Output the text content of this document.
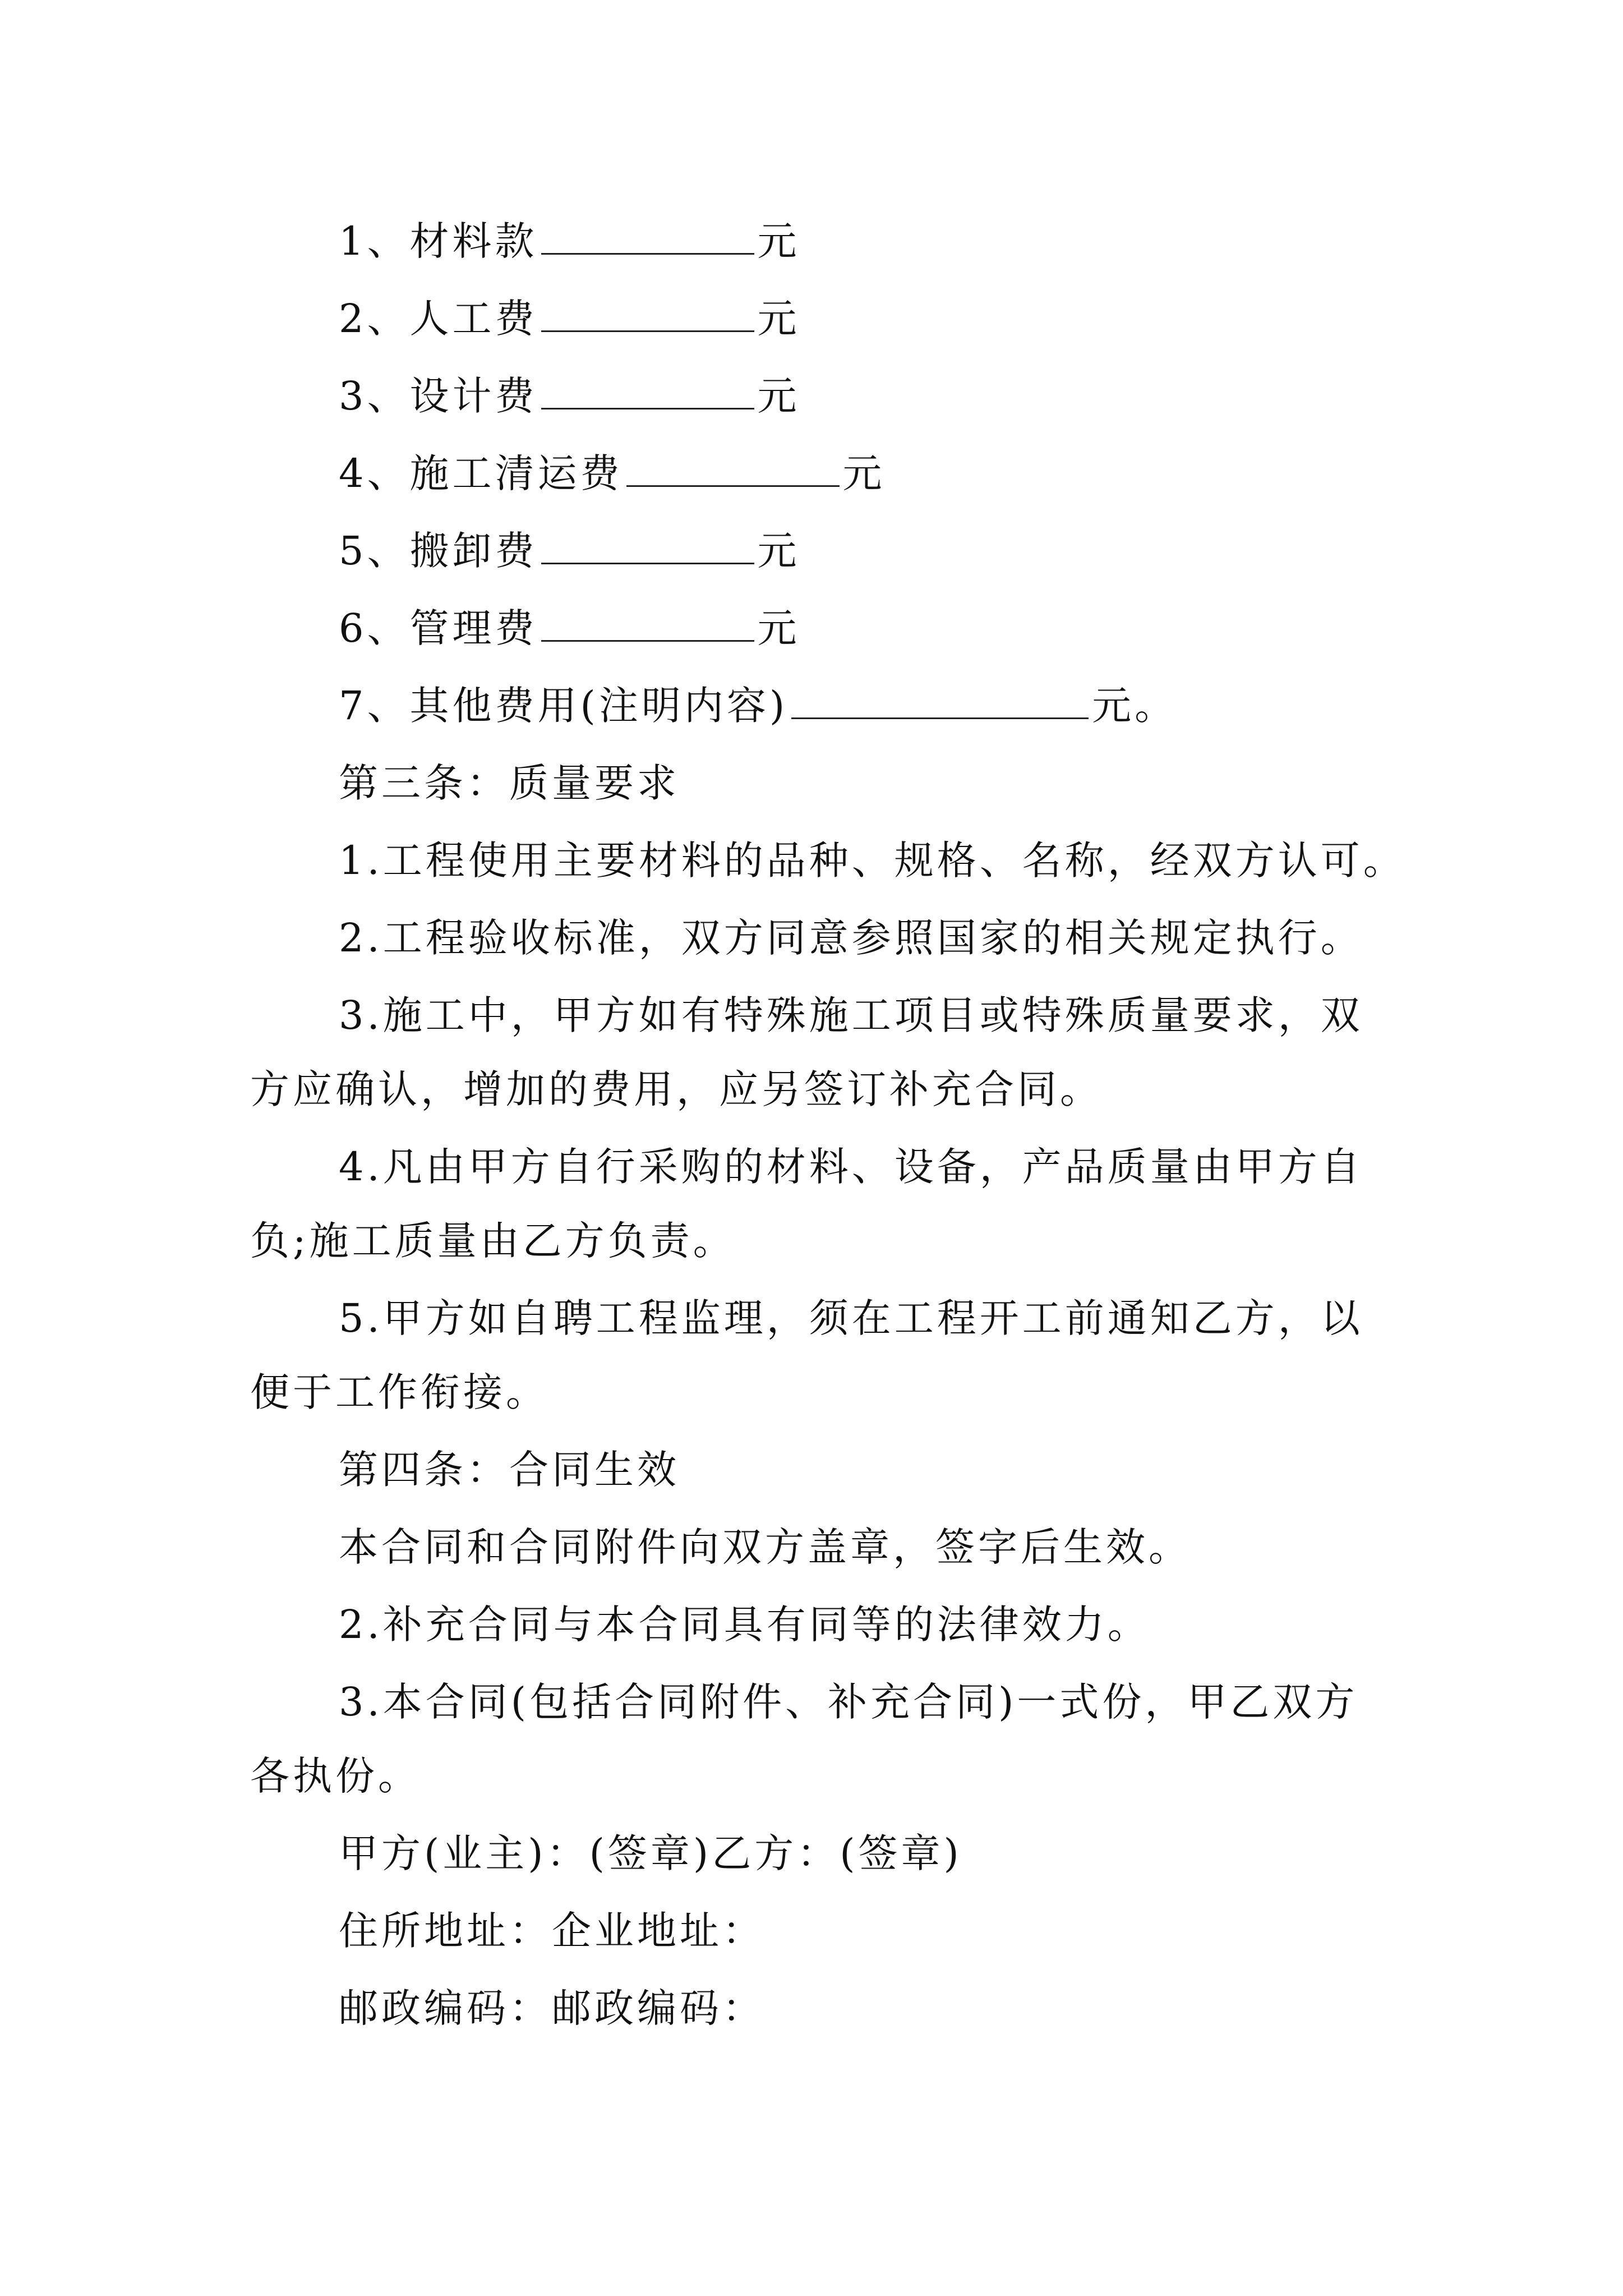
1、材料款	元
2、人工费	元
3、设计费	元
4、施工清运费	元
5、搬卸费	元
6、管理费	元
7、其他费用(注明内容)	元。
第三条：质量要求
1.工程使用主要材料的品种、规格、名称，经双方认可。
2.工程验收标准，双方同意参照国家的相关规定执行。
3.施工中，甲方如有特殊施工项目或特殊质量要求，双
方应确认，增加的费用，应另签订补充合同。
4.凡由甲方自行采购的材料、设备，产品质量由甲方自
负;施工质量由乙方负责。
5.甲方如自聘工程监理，须在工程开工前通知乙方，以
便于工作衔接。
第四条：合同生效
本合同和合同附件向双方盖章，签字后生效。
2.补充合同与本合同具有同等的法律效力。
3.本合同(包括合同附件、补充合同)一式份，甲乙双方
各执份。
甲方(业主)：(签章)乙方：(签章)
住所地址：企业地址：
邮政编码：邮政编码：
